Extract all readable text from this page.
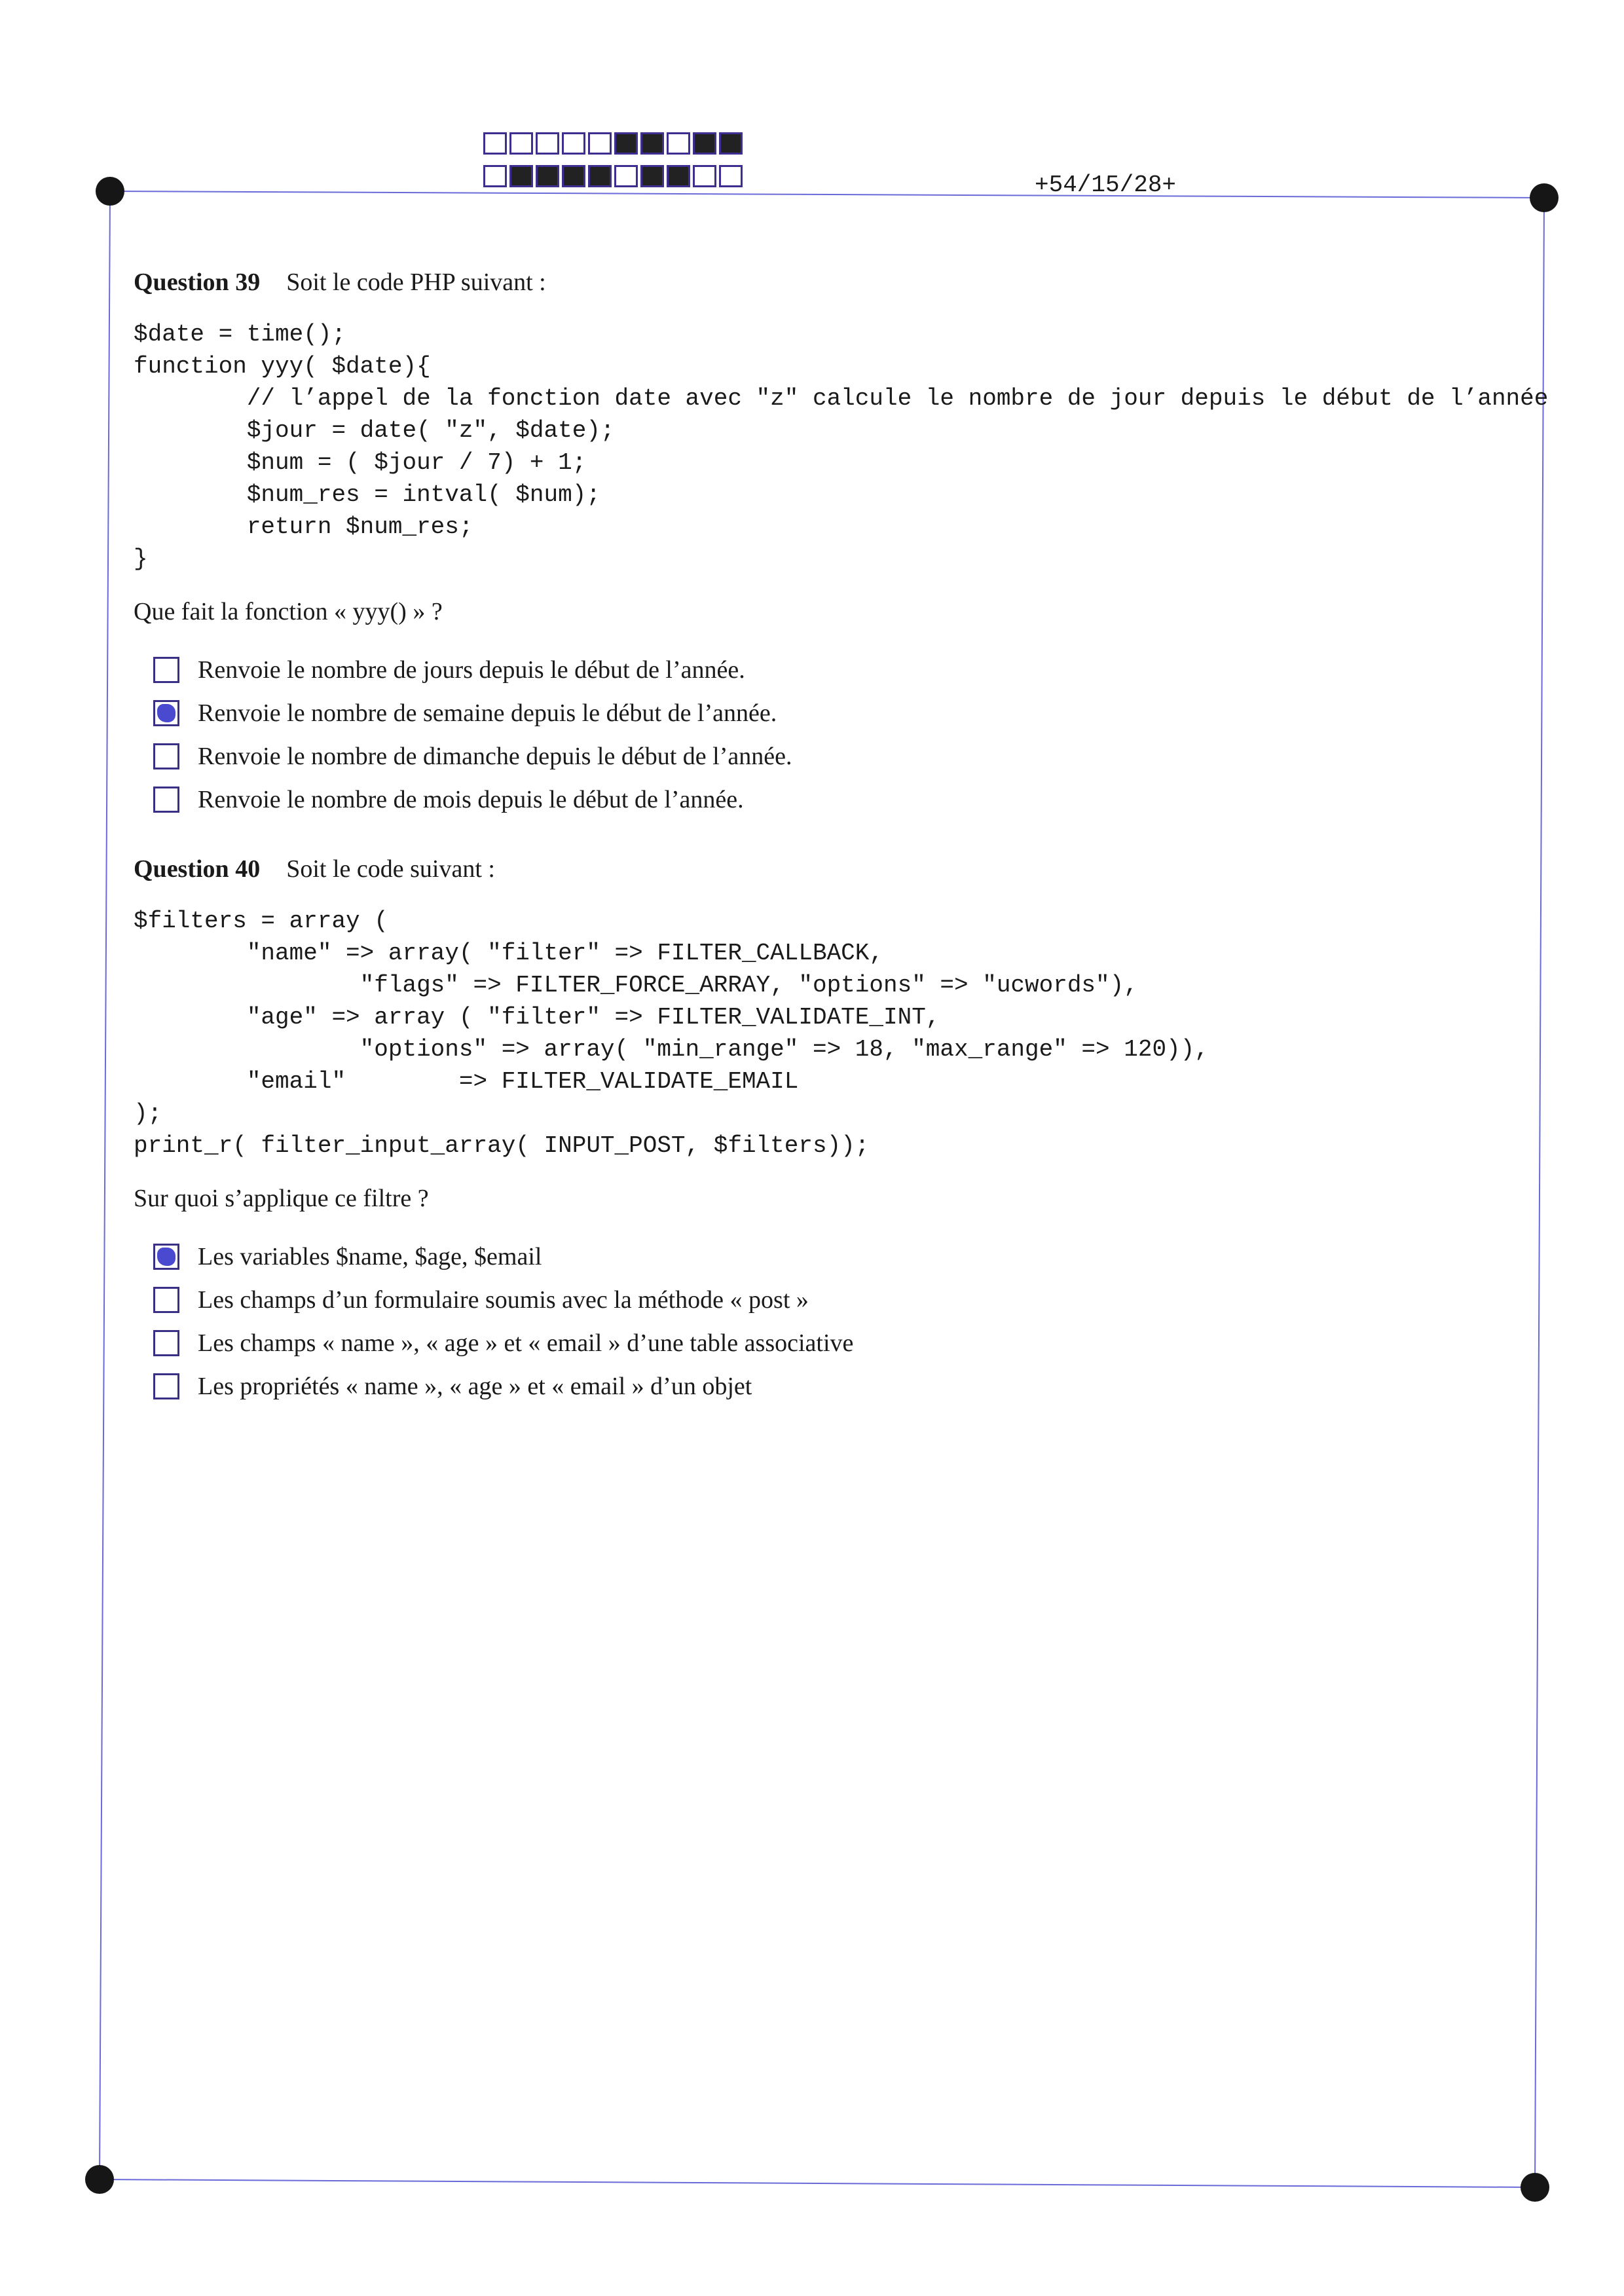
+54/15/28+
Question 39 Soit le code PHP suivant :
$date = time();
function yyy( $date){
// l’appel de la fonction date avec "z" calcule le nombre de jour depuis le début de l’année
$jour = date( "z", $date);
$num = ( $jour / 7) + 1;
$num_res = intval( $num);
return $num_res;
}
Que fait la fonction « yyy() » ?
Renvoie le nombre de jours depuis le début de l’année.
Renvoie le nombre de semaine depuis le début de l’année.
Renvoie le nombre de dimanche depuis le début de l’année.
Renvoie le nombre de mois depuis le début de l’année.
Question 40 Soit le code suivant :
$filters = array (
"name" => array( "filter" => FILTER_CALLBACK,
"flags" => FILTER_FORCE_ARRAY, "options" => "ucwords"),
"age" => array ( "filter" => FILTER_VALIDATE_INT,
"options" => array( "min_range" => 18, "max_range" => 120)),
"email"        => FILTER_VALIDATE_EMAIL
);
print_r( filter_input_array( INPUT_POST, $filters));
Sur quoi s’applique ce filtre ?
Les variables $name, $age, $email
Les champs d’un formulaire soumis avec la méthode « post »
Les champs « name », « age » et « email » d’une table associative
Les propriétés « name », « age » et « email » d’un objet
